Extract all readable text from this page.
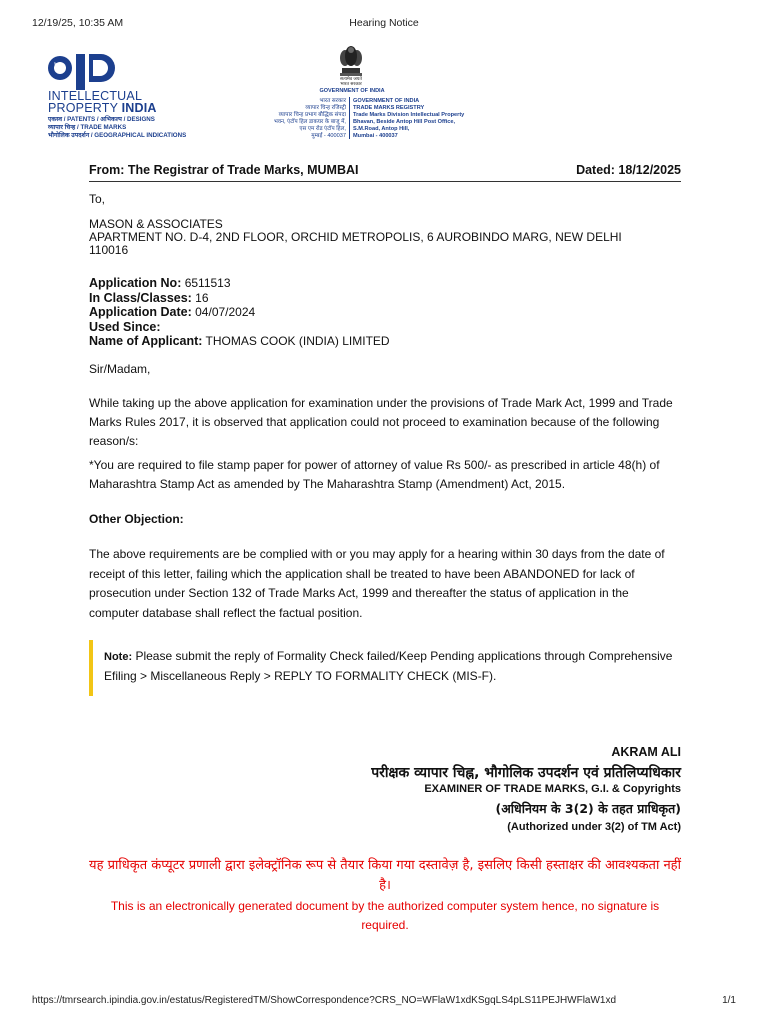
12/19/25, 10:35 AM	Hearing Notice
INTELLECTUAL
PROPERTY INDIA
एकस्व / PATENTS / अभिकल्प / DESIGNS
व्यापार चिन्ह / TRADE MARKS
भौगोलिक उपदर्शन / GEOGRAPHICAL INDICATIONS
सत्यमेव जयते
भारत सरकार
GOVERNMENT OF INDIA
भारत सरकार
व्यापार चिन्ह रजिस्ट्री
व्यापार चिन्ह प्रभाग बौद्धिक संपदा
भवन, एंटॉप हिल डाकघर के बाजू में,
एस एम रोड एंटॉप हिल,
मुम्बई - 400037
GOVERNMENT OF INDIA
TRADE MARKS REGISTRY
Trade Marks Division Intellectual Property
Bhavan, Beside Antop Hill Post Office,
S.M.Road, Antop Hill,
Mumbai - 400037
From: The Registrar of Trade Marks, MUMBAI	Dated: 18/12/2025
To,
MASON & ASSOCIATES
APARTMENT NO. D-4, 2ND FLOOR, ORCHID METROPOLIS, 6 AUROBINDO MARG, NEW DELHI
110016
Application No: 6511513
In Class/Classes: 16
Application Date: 04/07/2024
Used Since:
Name of Applicant: THOMAS COOK (INDIA) LIMITED
Sir/Madam,
While taking up the above application for examination under the provisions of Trade Mark Act, 1999 and Trade Marks Rules 2017, it is observed that application could not proceed to examination because of the following reason/s:
*You are required to file stamp paper for power of attorney of value Rs 500/- as prescribed in article 48(h) of Maharashtra Stamp Act as amended by The Maharashtra Stamp (Amendment) Act, 2015.
Other Objection:
The above requirements are be complied with or you may apply for a hearing within 30 days from the date of receipt of this letter, failing which the application shall be treated to have been ABANDONED for lack of prosecution under Section 132 of Trade Marks Act, 1999 and thereafter the status of application in the computer database shall reflect the factual position.
Note: Please submit the reply of Formality Check failed/Keep Pending applications through Comprehensive Efiling > Miscellaneous Reply > REPLY TO FORMALITY CHECK (MIS-F).
AKRAM ALI
परीक्षक व्यापार चिह्न, भौगोलिक उपदर्शन एवं प्रतिलिप्यधिकार
EXAMINER OF TRADE MARKS, G.I. & Copyrights
(अधिनियम के 3(2) के तहत प्राधिकृत)
(Authorized under 3(2) of TM Act)
यह प्राधिकृत कंप्यूटर प्रणाली द्वारा इलेक्ट्रॉनिक रूप से तैयार किया गया दस्तावेज़ है, इसलिए किसी हस्ताक्षर की आवश्यकता नहीं है।
This is an electronically generated document by the authorized computer system hence, no signature is required.
https://tmrsearch.ipindia.gov.in/estatus/RegisteredTM/ShowCorrespondence?CRS_NO=WFlaW1xdKSgqLS4pLS11PEJHWFlaW1xd	1/1
